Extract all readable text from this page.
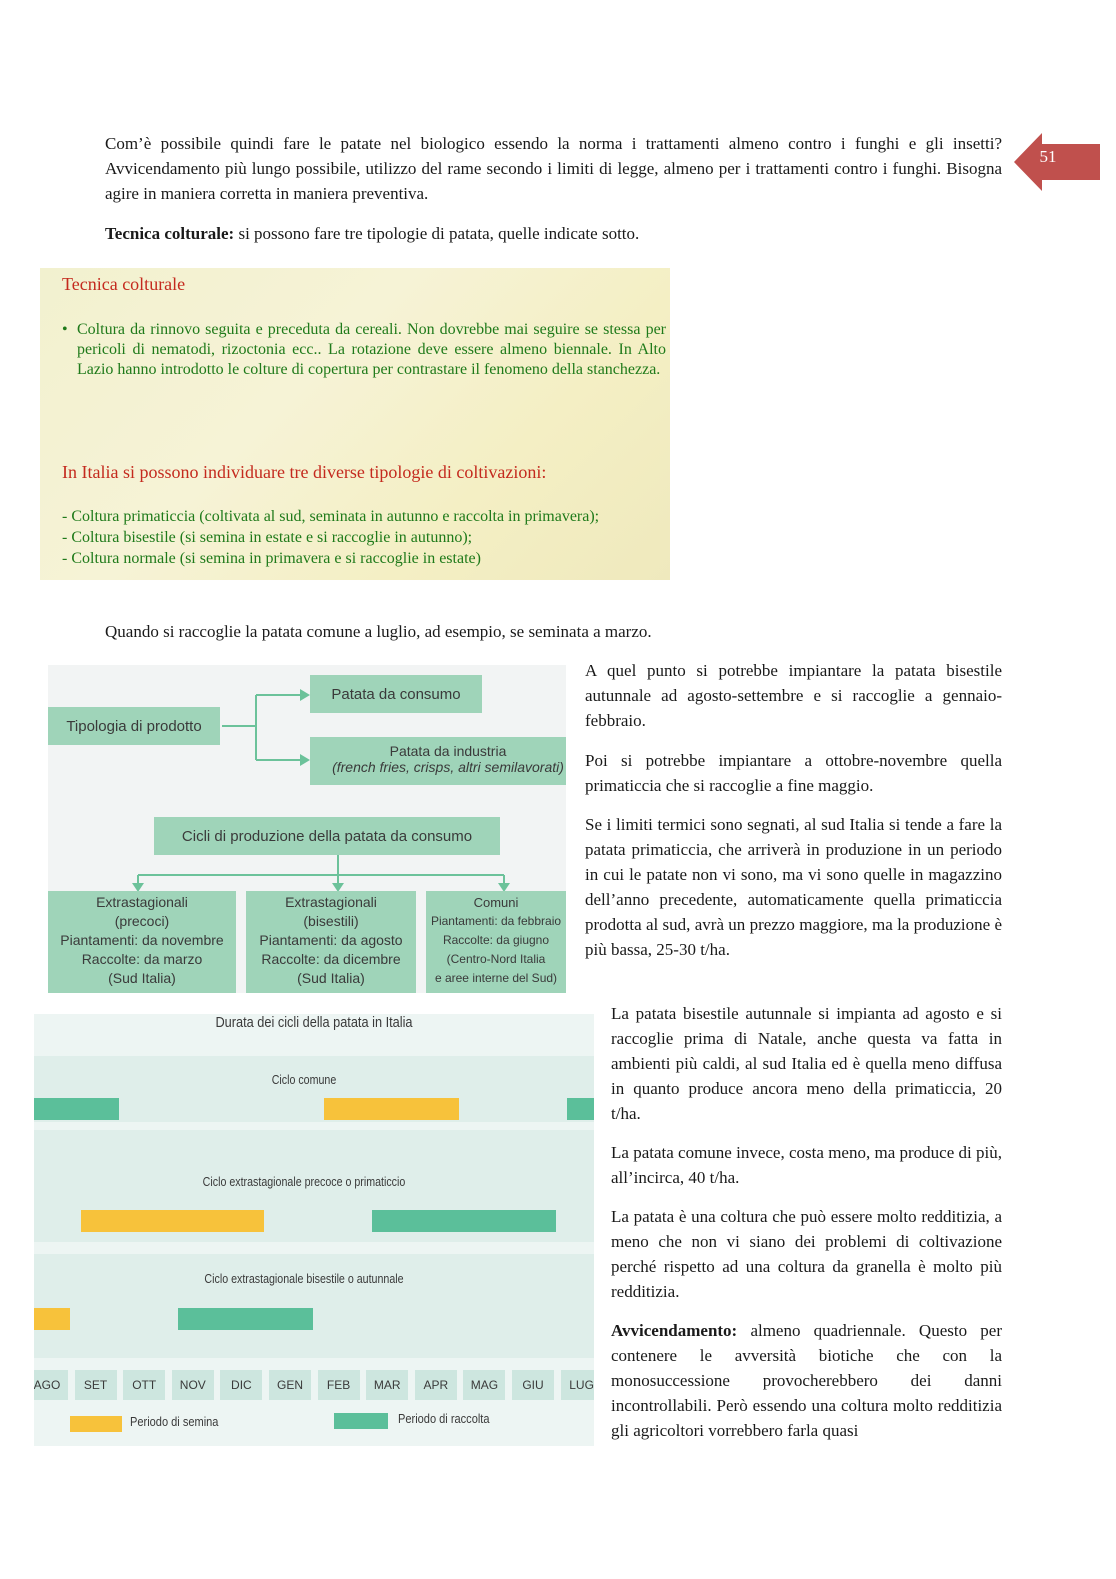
51

Com’è possibile quindi fare le patate nel biologico essendo la norma i trattamenti almeno contro i funghi e gli insetti? Avvicendamento più lungo possibile, utilizzo del rame secondo i limiti di legge, almeno per i trattamenti contro i funghi. Bisogna agire in maniera corretta in maniera preventiva.

Tecnica colturale: si possono fare tre tipologie di patata, quelle indicate sotto.

Tecnica colturale
• Coltura da rinnovo seguita e preceduta da cereali. Non dovrebbe mai seguire se stessa per pericoli di nematodi, rizoctonia ecc.. La rotazione deve essere almeno biennale. In Alto Lazio hanno introdotto le colture di copertura per contrastare il fenomeno della stanchezza.
In Italia si possono individuare tre diverse tipologie di coltivazioni:
- Coltura primaticcia (coltivata al sud, seminata in autunno e raccolta in primavera);
- Coltura bisestile (si semina in estate e si raccoglie in autunno);
- Coltura normale (si semina in primavera e si raccoglie in estate)

Quando si raccoglie la patata comune a luglio, ad esempio, se seminata a marzo.

Tipologia di prodotto
Patata da consumo
Patata da industria
(french fries, crisps, altri semilavorati)
Cicli di produzione della patata da consumo
Extrastagionali
(precoci)
Piantamenti: da novembre
Raccolte: da marzo
(Sud Italia)
Extrastagionali
(bisestili)
Piantamenti: da agosto
Raccolte: da dicembre
(Sud Italia)
Comuni
Piantamenti: da febbraio
Raccolte: da giugno
(Centro-Nord Italia
e aree interne del Sud)

A quel punto si potrebbe impiantare la patata bisestile autunnale ad agosto-settembre e si raccoglie a gennaio-febbraio.

Poi si potrebbe impiantare a ottobre-novembre quella primaticcia che si raccoglie a fine maggio.

Se i limiti termici sono segnati, al sud Italia si tende a fare la patata primaticcia, che arriverà in produzione in un periodo in cui le patate non vi sono, ma vi sono quelle in magazzino dell’anno precedente, automaticamente quella primaticcia prodotta al sud, avrà un prezzo maggiore, ma la produzione è più bassa, 25-30 t/ha.

Durata dei cicli della patata in Italia
Ciclo comune
Ciclo extrastagionale precoce o primaticcio
Ciclo extrastagionale bisestile o autunnale
AGO	SET	OTT	NOV	DIC	GEN	FEB	MAR	APR	MAG	GIU	LUG
Periodo di semina	Periodo di raccolta

La patata bisestile autunnale si impianta ad agosto e si raccoglie prima di Natale, anche questa va fatta in ambienti più caldi, al sud Italia ed è quella meno diffusa in quanto produce ancora meno della primaticcia, 20 t/ha.

La patata comune invece, costa meno, ma produce di più, all’incirca, 40 t/ha.

La patata è una coltura che può essere molto redditizia, a meno che non vi siano dei problemi di coltivazione perché rispetto ad una coltura da granella è molto più redditizia.

Avvicendamento: almeno quadriennale. Questo per contenere le avversità biotiche che con la monosuccessione provocherebbero dei danni incontrollabili. Però essendo una coltura molto redditizia gli agricoltori vorrebbero farla quasi
